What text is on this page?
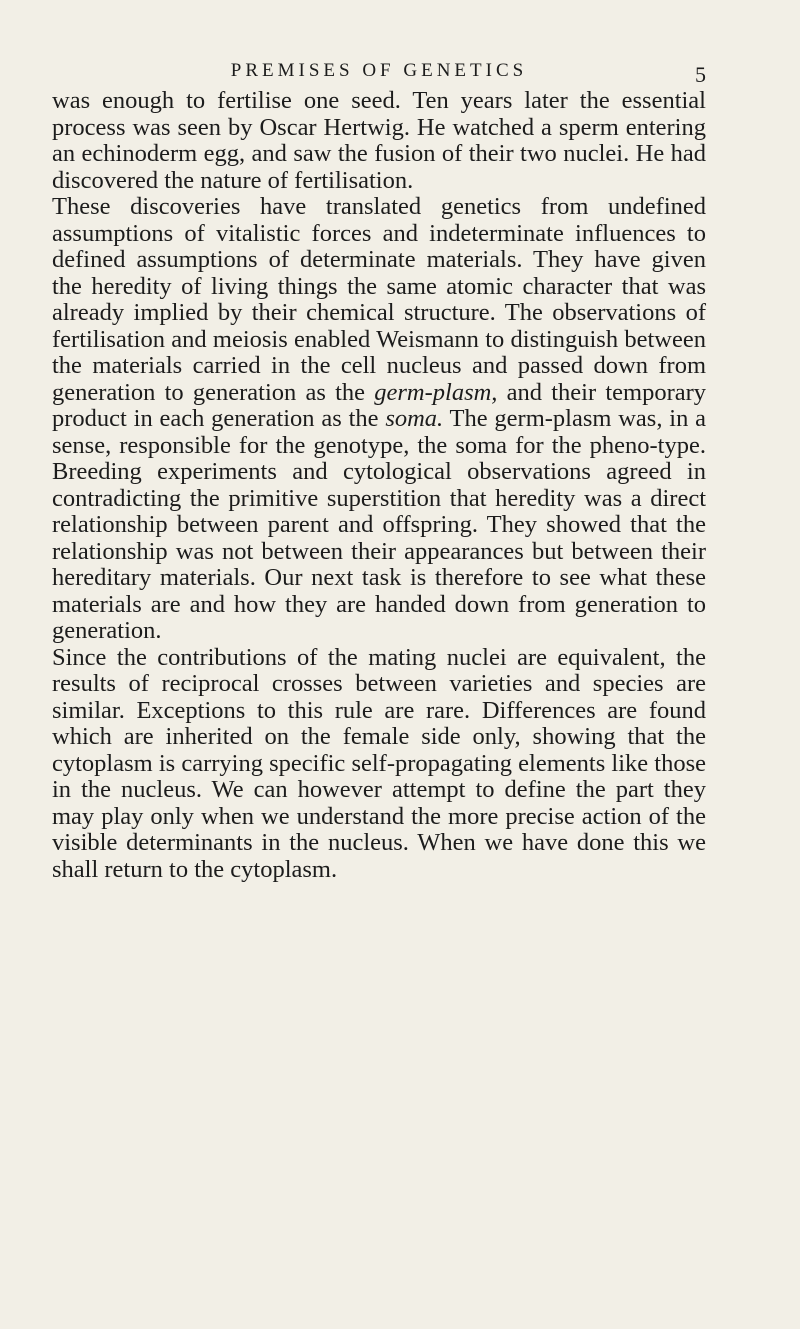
PREMISES OF GENETICS	5

was enough to fertilise one seed. Ten years later the essential process was seen by Oscar Hertwig. He watched a sperm entering an echinoderm egg, and saw the fusion of their two nuclei. He had discovered the nature of fertilisation.

These discoveries have translated genetics from undefined assumptions of vitalistic forces and indeterminate influences to defined assumptions of determinate materials. They have given the heredity of living things the same atomic character that was already implied by their chemical structure. The observations of fertilisation and meiosis enabled Weismann to distinguish between the materials carried in the cell nucleus and passed down from generation to generation as the germ-plasm, and their temporary product in each generation as the soma. The germ-plasm was, in a sense, responsible for the genotype, the soma for the pheno-type. Breeding experiments and cytological observations agreed in contradicting the primitive superstition that heredity was a direct relationship between parent and offspring. They showed that the relationship was not between their appearances but between their hereditary materials. Our next task is therefore to see what these materials are and how they are handed down from generation to generation.

Since the contributions of the mating nuclei are equivalent, the results of reciprocal crosses between varieties and species are similar. Exceptions to this rule are rare. Differences are found which are inherited on the female side only, showing that the cytoplasm is carrying specific self-propagating elements like those in the nucleus. We can however attempt to define the part they may play only when we understand the more precise action of the visible determinants in the nucleus. When we have done this we shall return to the cytoplasm.
